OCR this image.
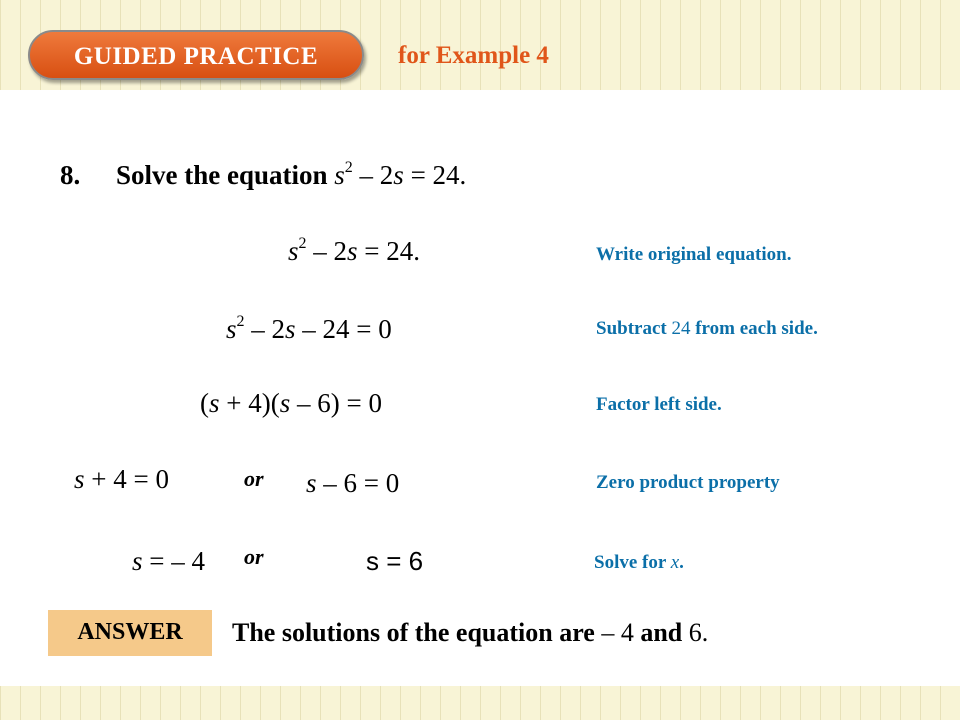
GUIDED PRACTICE	for Example 4
8. Solve the equation $s^2 - 2s = 24$.
$s^2 - 2s = 24$.	Write original equation.
$s^2 - 2s - 24 = 0$	Subtract 24 from each side.
(s + 4)(s – 6) = 0	Factor left side.
s + 4 = 0	or s – 6 = 0	Zero product property
s = – 4 or	s = 6	Solve for x.
ANSWER	The solutions of the equation are – 4 and 6.
